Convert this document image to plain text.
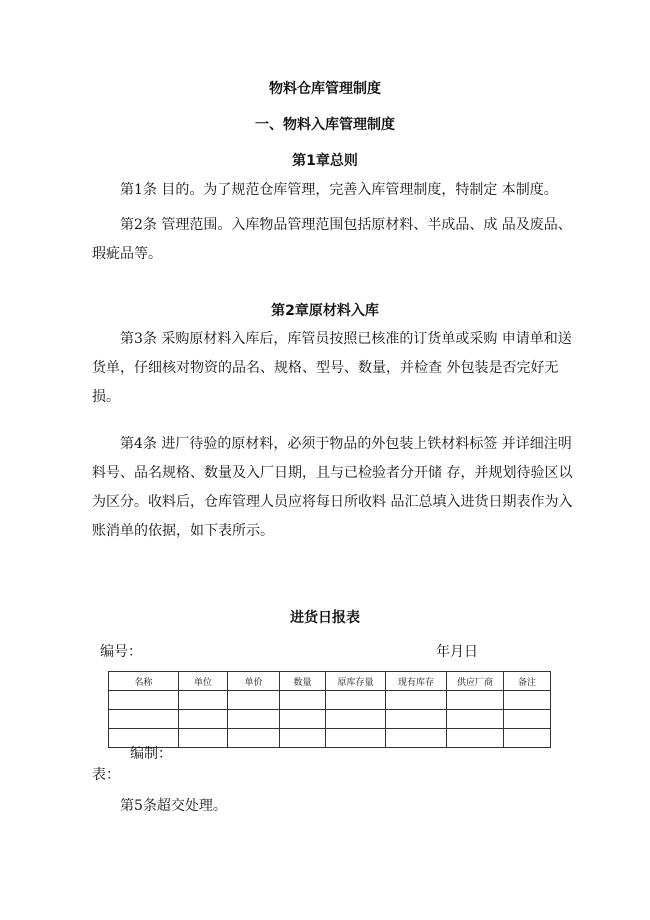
物料仓库管理制度
一、物料入库管理制度
第1章总则

第1条 目的。为了规范仓库管理，完善入库管理制度，特制定 本制度。

第2条 管理范围。入库物品管理范围包括原材料、半成品、成 品及废品、瑕疵品等。

第2章原材料入库

第3条 采购原材料入库后，库管员按照已核准的订货单或采购 申请单和送货单，仔细核对物资的品名、规格、型号、数量，并检查 外包装是否完好无损。

第4条 进厂待验的原材料，必须于物品的外包装上铁材料标签 并详细注明料号、品名规格、数量及入厂日期，且与已检验者分开储 存，并规划待验区以为区分。收料后，仓库管理人员应将每日所收料 品汇总填入进货日期表作为入账消单的依据，如下表所示。

进货日报表
编号：	年月日
名称	单位	单价	数量	原库存量	现有库存	供应厂商	备注

编制：
表：
第5条超交处理。
